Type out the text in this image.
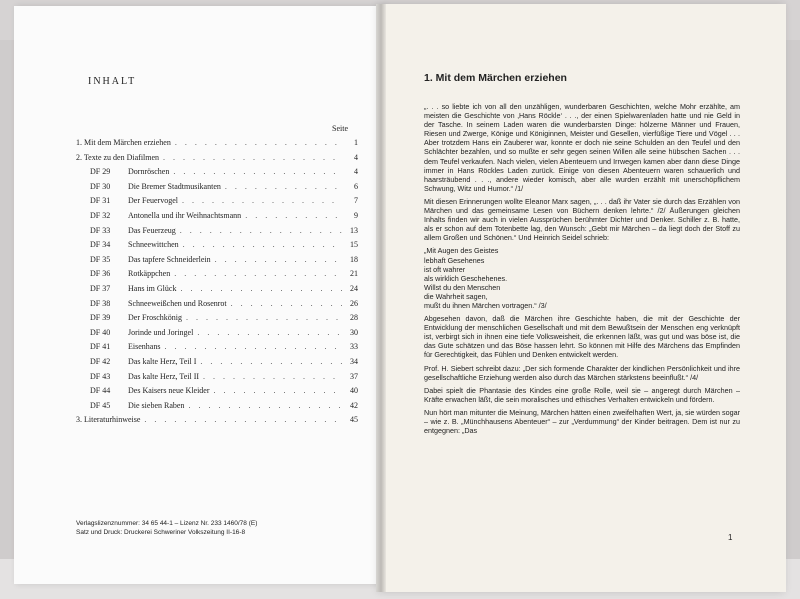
INHALT
Seite
1. Mit dem Märchen erziehen . . .	1
2. Texte zu den Diafilmen . . .	4
DF 29	Dornröschen . . .	4
DF 30	Die Bremer Stadtmusikanten . . .	6
DF 31	Der Feuervogel . . .	7
DF 32	Antonella und ihr Weihnachtsmann . . .	9
DF 33	Das Feuerzeug . . .	13
DF 34	Schneewittchen . . .	15
DF 35	Das tapfere Schneiderlein . . .	18
DF 36	Rotkäppchen . . .	21
DF 37	Hans im Glück . . .	24
DF 38	Schneeweißchen und Rosenrot . . .	26
DF 39	Der Froschkönig . . .	28
DF 40	Jorinde und Joringel . . .	30
DF 41	Eisenhans . . .	33
DF 42	Das kalte Herz, Teil I . . .	34
DF 43	Das kalte Herz, Teil II . . .	37
DF 44	Des Kaisers neue Kleider . . .	40
DF 45	Die sieben Raben . . .	42
3. Literaturhinweise . . .	45
Verlagslizenznummer: 34 65 44-1 – Lizenz Nr. 233 1460/78 (E)
Satz und Druck: Druckerei Schweriner Volkszeitung II-16-8
1. Mit dem Märchen erziehen

„. . . so liebte ich von all den unzähligen, wunderbaren Geschichten, welche Mohr erzählte, am meisten die Geschichte von ‚Hans Röckle‘ . . ., der einen Spielwarenladen hatte und nie Geld in der Tasche. In seinem Laden waren die wunderbarsten Dinge: hölzerne Männer und Frauen, Riesen und Zwerge, Könige und Königinnen, Meister und Gesellen, vierfüßige Tiere und Vögel . . . Aber trotzdem Hans ein Zauberer war, konnte er doch nie seine Schulden an den Teufel und den Schlächter bezahlen, und so mußte er sehr gegen seinen Willen alle seine hübschen Sachen . . . dem Teufel verkaufen. Nach vielen, vielen Abenteuern und Irrwegen kamen aber dann diese Dinge immer in Hans Röckles Laden zurück. Einige von diesen Abenteuern waren schauerlich und haarsträubend . . ., andere wieder komisch, aber alle wurden erzählt mit unerschöpflichem Schwung, Witz und Humor.“ /1/

Mit diesen Erinnerungen wollte Eleanor Marx sagen, „. . . daß ihr Vater sie durch das Erzählen von Märchen und das gemeinsame Lesen von Büchern denken lehrte.“ /2/ Äußerungen gleichen Inhalts finden wir auch in vielen Aussprüchen berühmter Dichter und Denker. Schiller z. B. hatte, als er schon auf dem Totenbette lag, den Wunsch: „Gebt mir Märchen – da liegt doch der Stoff zu allem Großen und Schönen.“ Und Heinrich Seidel schrieb:

„Mit Augen des Geistes
lebhaft Gesehenes
ist oft wahrer
als wirklich Geschehenes.
Willst du den Menschen
die Wahrheit sagen,
mußt du ihnen Märchen vortragen.“ /3/

Abgesehen davon, daß die Märchen ihre Geschichte haben, die mit der Geschichte der Entwicklung der menschlichen Gesellschaft und mit dem Bewußtsein der Menschen eng verknüpft ist, verbirgt sich in ihnen eine tiefe Volksweisheit, die erkennen läßt, was gut und was böse ist, die das Gute schätzen und das Böse hassen lehrt. So können mit Hilfe des Märchens das Empfinden für Gerechtigkeit, das Fühlen und Denken entwickelt werden.

Prof. H. Siebert schreibt dazu: „Der sich formende Charakter der kindlichen Persönlichkeit und ihre gesellschaftliche Erziehung werden also durch das Märchen stärkstens beeinflußt.“ /4/

Dabei spielt die Phantasie des Kindes eine große Rolle, weil sie – angeregt durch Märchen – Kräfte erwachen läßt, die sein moralisches und ethisches Verhalten entwickeln und fördern.

Nun hört man mitunter die Meinung, Märchen hätten einen zweifelhaften Wert, ja, sie würden sogar – wie z. B. „Münchhausens Abenteuer“ – zur „Verdummung“ der Kinder beitragen. Dem ist nur zu entgegnen: „Das

1
